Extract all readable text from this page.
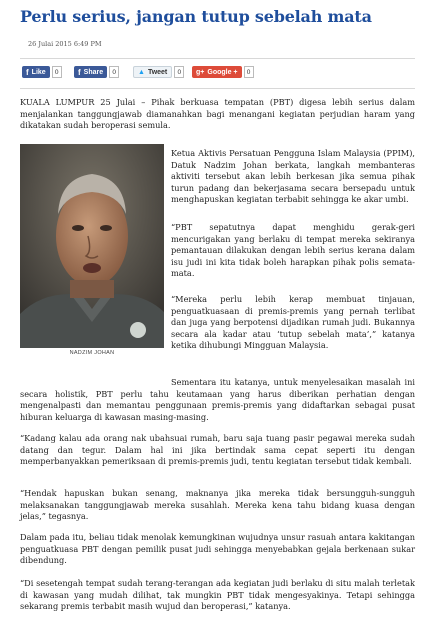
Perlu serius, jangan tutup sebelah mata
26 Julai 2015 6:49 PM
f Like	0	f Share	0	▲ Tweet	0	g+ Google +	0

KUALA LUMPUR 25 Julai – Pihak berkuasa tempatan (PBT) digesa lebih serius dalam menjalankan tanggungjawab diamanahkan bagi menangani kegiatan perjudian haram yang dikatakan sudah beroperasi semula.

NADZIM JOHAN

Ketua Aktivis Persatuan Pengguna Islam Malaysia (PPIM), Datuk Nadzim Johan berkata, langkah membanteras aktiviti tersebut akan lebih berkesan jika semua pihak turun padang dan bekerjasama secara bersepadu untuk menghapuskan kegiatan terbabit sehingga ke akar umbi.

“PBT sepatutnya dapat menghidu gerak-geri mencurigakan yang berlaku di tempat mereka sekiranya pemantauan dilakukan dengan lebih serius kerana dalam isu judi ini kita tidak boleh harapkan pihak polis semata-mata.

“Mereka perlu lebih kerap membuat tinjauan, penguatkuasaan di premis-premis yang pernah terlibat dan juga yang berpotensi dijadikan rumah judi. Bukannya secara ala kadar atau ‘tutup sebelah mata’,” katanya ketika dihubungi Mingguan Malaysia.

Sementara itu katanya, untuk menyelesaikan masalah ini secara holistik, PBT perlu tahu keutamaan yang harus diberikan perhatian dengan mengenalpasti dan memantau penggunaan premis-premis yang didaftarkan sebagai pusat hiburan keluarga di kawasan masing-masing.

“Kadang kalau ada orang nak ubahsuai rumah, baru saja tuang pasir pegawai mereka sudah datang dan tegur. Dalam hal ini jika bertindak sama cepat seperti itu dengan memperbanyakkan pemeriksaan di premis-premis judi, tentu kegiatan tersebut tidak kembali.

“Hendak hapuskan bukan senang, maknanya jika mereka tidak bersungguh-sungguh melaksanakan tanggungjawab mereka susahlah. Mereka kena tahu bidang kuasa dengan jelas,” tegasnya.

Dalam pada itu, beliau tidak menolak kemungkinan wujudnya unsur rasuah antara kakitangan penguatkuasa PBT dengan pemilik pusat judi sehingga menyebabkan gejala berkenaan sukar dibendung.

“Di sesetengah tempat sudah terang-terangan ada kegiatan judi berlaku di situ malah terletak di kawasan yang mudah dilihat, tak mungkin PBT tidak mengesyakinya. Tetapi sehingga sekarang premis terbabit masih wujud dan beroperasi,” katanya.
